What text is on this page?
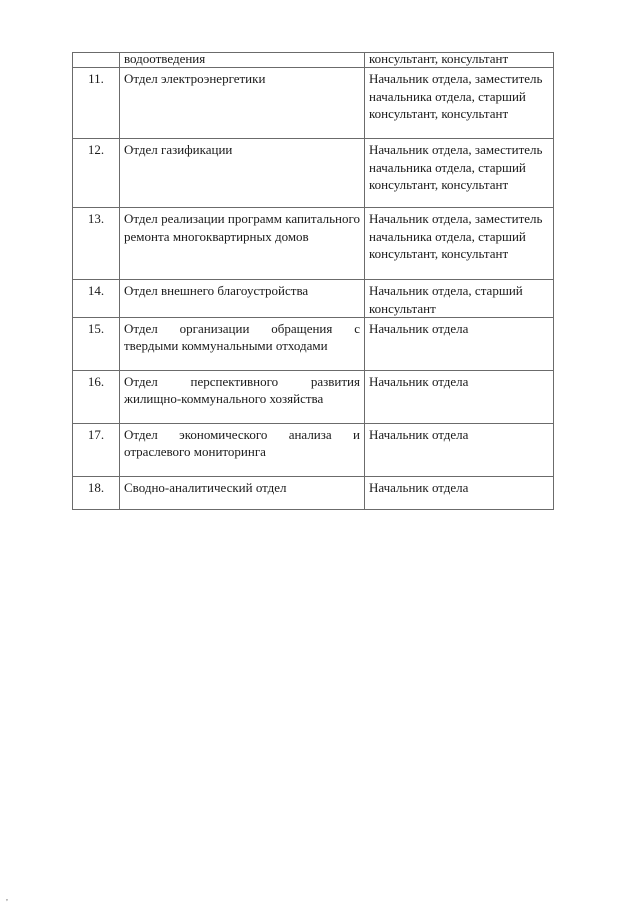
	водоотведения	консультант, консультант

11.	Отдел электроэнергетики	Начальник отдела, заместитель начальника отдела, старший консультант, консультант
12.	Отдел газификации	Начальник отдела, заместитель начальника отдела, старший консультант, консультант
13.	Отдел реализации программ капитального ремонта многоквартирных домов	Начальник отдела, заместитель начальника отдела, старший консультант, консультант
14.	Отдел внешнего благоустройства	Начальник отдела, старший консультант
15.	Отдел организации обращения с твердыми коммунальными отходами	Начальник отдела
16.	Отдел перспективного развития жилищно-коммунального хозяйства	Начальник отдела
17.	Отдел экономического анализа и отраслевого мониторинга	Начальник отдела
18.	Сводно-аналитический отдел	Начальник отдела
,
